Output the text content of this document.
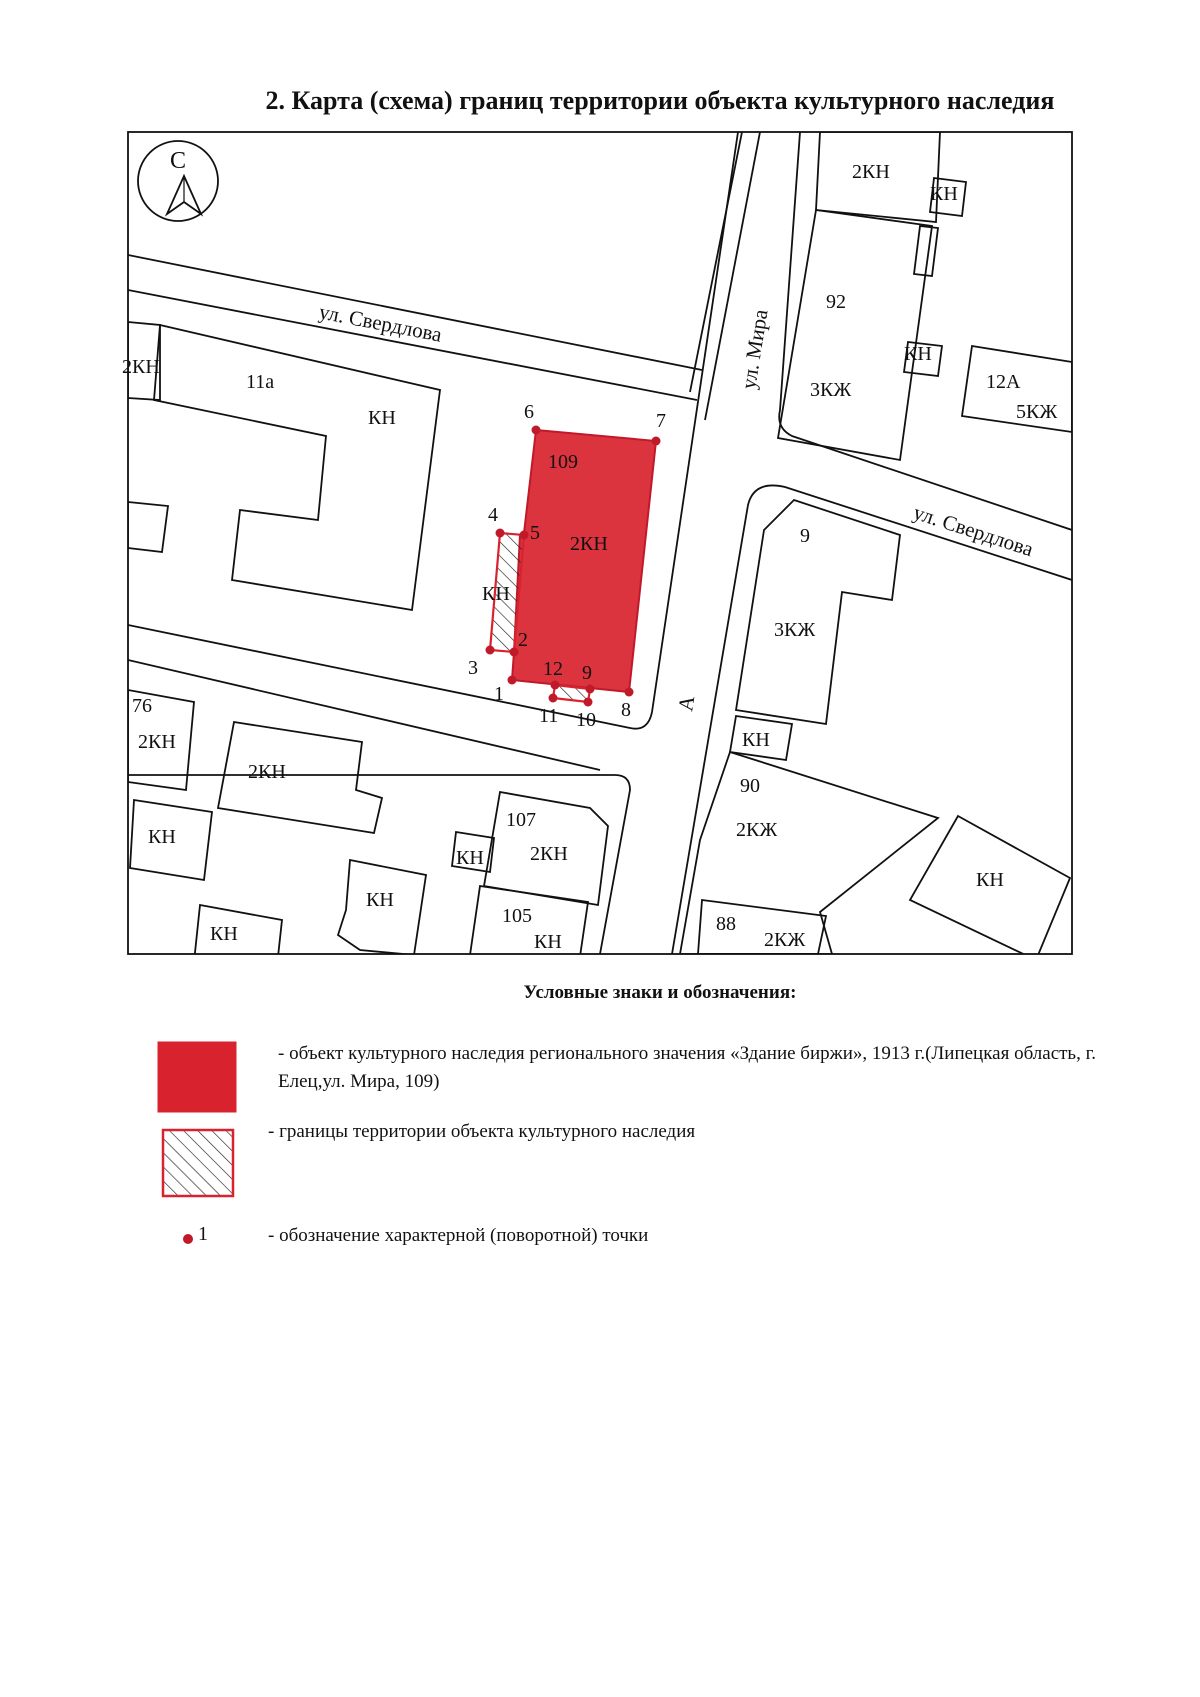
2. Карта (схема) границ территории объекта культурного наследия
С
ул. Свердлова
ул. Свердлова
ул. Мира
А
2КН
11а
КН
109
2КН
КН
76
2КН
2КН
КН
КН
КН
КН
107
2КН
105
КН
2КН
КН
92
КН
3КЖ	12А
5КЖ
9
3КЖ
КН
90
2КЖ
КН
88
2КЖ
1
2
3
4
5
6	7
8
9
10
11
12
Условные знаки и обозначения:
- объект культурного наследия регионального значения «Здание биржи», 1913 г.(Липецкая область, г. Елец,ул. Мира, 109)
- границы территории объекта культурного наследия
1	- обозначение характерной (поворотной) точки
